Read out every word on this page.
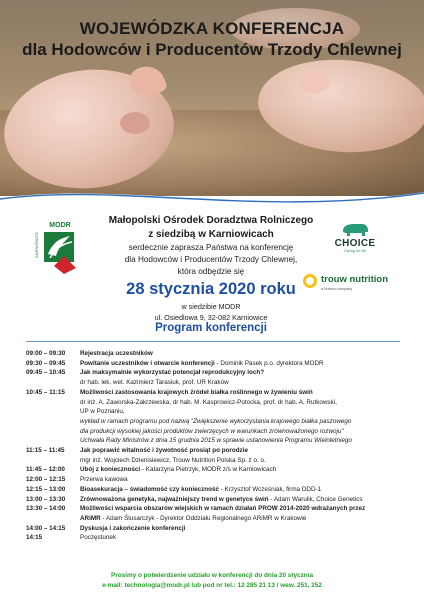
WOJEWÓDZKA KONFERENCJA
dla Hodowców i Producentów Trzody Chlewnej
MODR
KARNIOWICE
Małopolski Ośrodek Doradztwa Rolniczego
z siedzibą w Karniowicach
serdecznie zaprasza Państwa na konferencję
dla Hodowców i Producentów Trzody Chlewnej,
która odbędzie się
28 stycznia 2020 roku
w siedzibie MODR
ul. Osiedlowa 9, 32-082 Karniowice
Program konferencji
CHOICE
Caring for life
trouw nutrition
a Nutreco company
09:00 – 09:30	Rejestracja uczestników
09:30 – 09:45	Powitanie uczestników i otwarcie konferencji - Dominik Pasek p.o. dyrektora MODR
09:45 – 10:45	Jak maksymalnie wykorzystać potencjał reprodukcyjny loch?
dr hab. lek. wet. Kazimierz Tarasiuk, prof. UR Kraków
10:45 – 11:15	Możliwości zastosowania krajowych źródeł białka roślinnego w żywieniu świń
dr inż. A. Zaworska-Zakrzewska, dr hab. M. Kasprowicz-Potocka, prof. dr hab. A. Rutkowski,
UP w Poznaniu,
wykład w ramach programu pod nazwą "Zwiększenie wykorzystania krajowego białka paszowego
dla produkcji wysokiej jakości produktów zwierzęcych w warunkach zrównoważonego rozwoju"
Uchwała Rady Ministrów z dnia 15 grudnia 2015 w sprawie ustanowienia Programu Wieloletniego
11:15 – 11:45	Jak poprawić witalność i żywotność prosiąt po porodzie
mgr inż. Wojciech Dzienisiewicz, Trouw Nutrition Polska Sp. z o. o.
11:45 – 12:00	Ubój z konieczności - Katarzyna Pietrzyk, MODR z/s w Karniowicach
12:00 – 12:15	Przerwa kawowa
12:15 – 13:00	Bioasekuracja – świadomość czy konieczność - Krzysztof Wcześniak, firma DDD-1
13:00 – 13:30	Zrównoważona genetyka, najważniejszy trend w genetyce świń - Adam Warulik, Choice Genetics
13:30 – 14:00	Możliwości wsparcia obszarów wiejskich w ramach działań PROW 2014-2020 wdrażanych przez
ARiMR - Adam Ślusarczyk - Dyrektor Oddziału Regionalnego ARiMR w Krakowie
14:00 – 14:15	Dyskusja i zakończenie konferencji
14:15	Poczęstunek
Prosimy o potwierdzenie udziału w konferencji do dnia 20 stycznia
e-mail: technologia@modr.pl lub pod nr tel.: 12 285 21 13 / wew. 251, 252
